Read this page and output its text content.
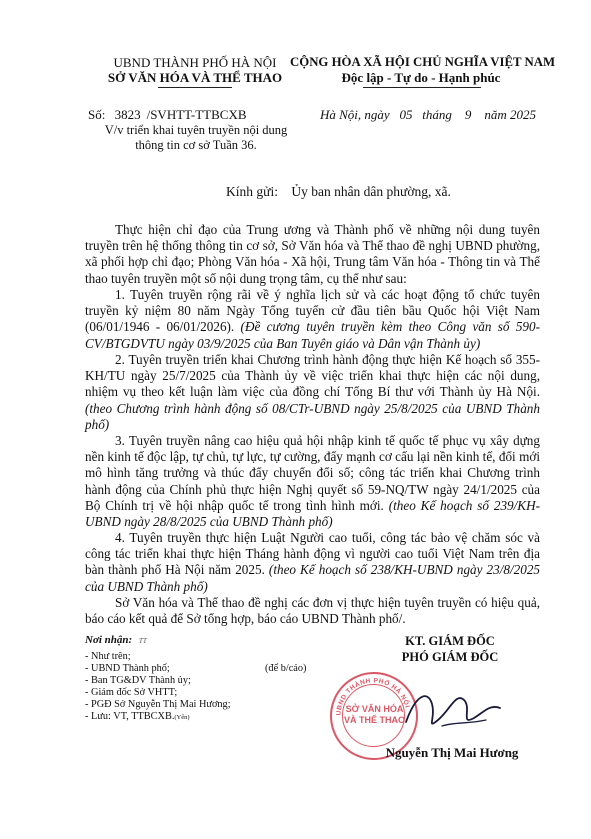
UBND THÀNH PHỐ HÀ NỘI
SỞ VĂN HÓA VÀ THỂ THAO
Số: 3823 /SVHTT-TTBCXB
V/v triển khai tuyên truyền nội dung
thông tin cơ sở Tuần 36.
CỘNG HÒA XÃ HỘI CHỦ NGHĨA VIỆT NAM
Độc lập - Tự do - Hạnh phúc
Hà Nội, ngày 05 tháng 9 năm 2025
Kính gửi: Ủy ban nhân dân phường, xã.
Thực hiện chỉ đạo của Trung ương và Thành phố về những nội dung tuyên truyền trên hệ thống thông tin cơ sở, Sở Văn hóa và Thể thao đề nghị UBND phường, xã phối hợp chỉ đạo; Phòng Văn hóa - Xã hội, Trung tâm Văn hóa - Thông tin và Thể thao tuyên truyền một số nội dung trọng tâm, cụ thể như sau:
1. Tuyên truyền rộng rãi về ý nghĩa lịch sử và các hoạt động tổ chức tuyên truyền kỷ niệm 80 năm Ngày Tổng tuyển cử đầu tiên bầu Quốc hội Việt Nam (06/01/1946 - 06/01/2026). (Đề cương tuyên truyền kèm theo Công văn số 590-CV/BTGDVTU ngày 03/9/2025 của Ban Tuyên giáo và Dân vận Thành ủy)
2. Tuyên truyền triển khai Chương trình hành động thực hiện Kế hoạch số 355-KH/TU ngày 25/7/2025 của Thành ủy về việc triển khai thực hiện các nội dung, nhiệm vụ theo kết luận làm việc của đồng chí Tổng Bí thư với Thành ủy Hà Nội. (theo Chương trình hành động số 08/CTr-UBND ngày 25/8/2025 của UBND Thành phố)
3. Tuyên truyền nâng cao hiệu quả hội nhập kinh tế quốc tế phục vụ xây dựng nền kinh tế độc lập, tự chủ, tự lực, tự cường, đẩy mạnh cơ cấu lại nền kinh tế, đổi mới mô hình tăng trưởng và thúc đẩy chuyển đổi số; công tác triển khai Chương trình hành động của Chính phủ thực hiện Nghị quyết số 59-NQ/TW ngày 24/1/2025 của Bộ Chính trị về hội nhập quốc tế trong tình hình mới. (theo Kế hoạch số 239/KH-UBND ngày 28/8/2025 của UBND Thành phố)
4. Tuyên truyền thực hiện Luật Người cao tuổi, công tác bảo vệ chăm sóc và công tác triển khai thực hiện Tháng hành động vì người cao tuổi Việt Nam trên địa bàn thành phố Hà Nội năm 2025. (theo Kế hoạch số 238/KH-UBND ngày 23/8/2025 của UBND Thành phố)
Sở Văn hóa và Thể thao đề nghị các đơn vị thực hiện tuyên truyền có hiệu quả, báo cáo kết quả để Sở tổng hợp, báo cáo UBND Thành phố/.
Nơi nhận: TT
- Như trên;
- UBND Thành phố;
- Ban TG&DV Thành ủy;
- Giám đốc Sở VHTT;
- PGĐ Sở Nguyễn Thị Mai Hương;
- Lưu: VT, TTBCXB.(Yến)
(để b/cáo)
KT. GIÁM ĐỐC
PHÓ GIÁM ĐỐC
UBND THÀNH PHỐ HÀ NỘI
SỞ VĂN HÓA
VÀ THỂ THAO
Nguyễn Thị Mai Hương
